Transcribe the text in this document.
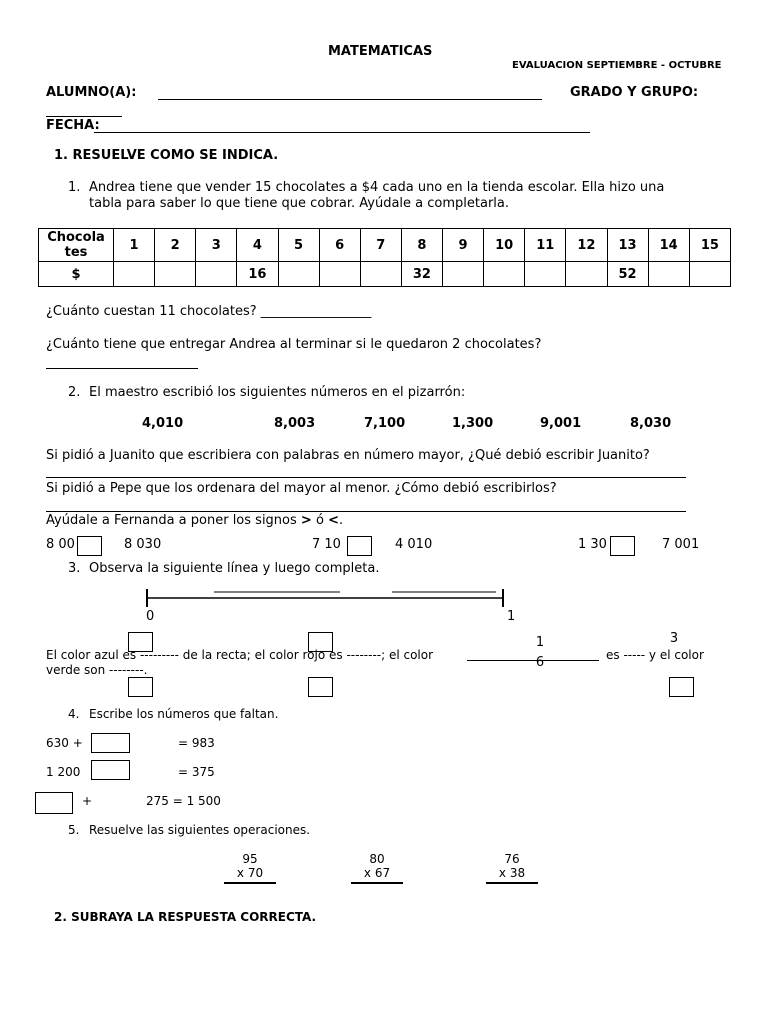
MATEMATICAS
EVALUACION SEPTIEMBRE - OCTUBRE
ALUMNO(A):	GRADO Y GRUPO:
FECHA:
1. RESUELVE COMO SE INDICA.
1. Andrea tiene que vender 15 chocolates a $4 cada uno en la tienda escolar. Ella hizo una
tabla para saber lo que tiene que cobrar. Ayúdale a completarla.
Chocola
tes	1	2	3	4	5	6	7	8	9	10	11	12	13	14	15
$				16				32					52		
¿Cuánto cuestan 11 chocolates? _________________
¿Cuánto tiene que entregar Andrea al terminar si le quedaron 2 chocolates?
2. El maestro escribió los siguientes números en el pizarrón:
4,010	8,003	7,100	1,300	9,001	8,030
Si pidió a Juanito que escribiera con palabras en número mayor, ¿Qué debió escribir Juanito?
Si pidió a Pepe que los ordenara del mayor al menor. ¿Cómo debió escribirlos?
Ayúdale a Fernanda a poner los signos > ó <.
8 00	8 030	7 10	4 010	1 30	7 001
3. Observa la siguiente línea y luego completa.
0	1
El color azul es --------- de la recta; el color rojo es --------; el color	es ----- y el color
verde son --------.
1
6
3
4. Escribe los números que faltan.
630 +	= 983
1 200	= 375
+	275 = 1 500
5. Resuelve las siguientes operaciones.
95
x 70
80
x 67
76
x 38
2. SUBRAYA LA RESPUESTA CORRECTA.
